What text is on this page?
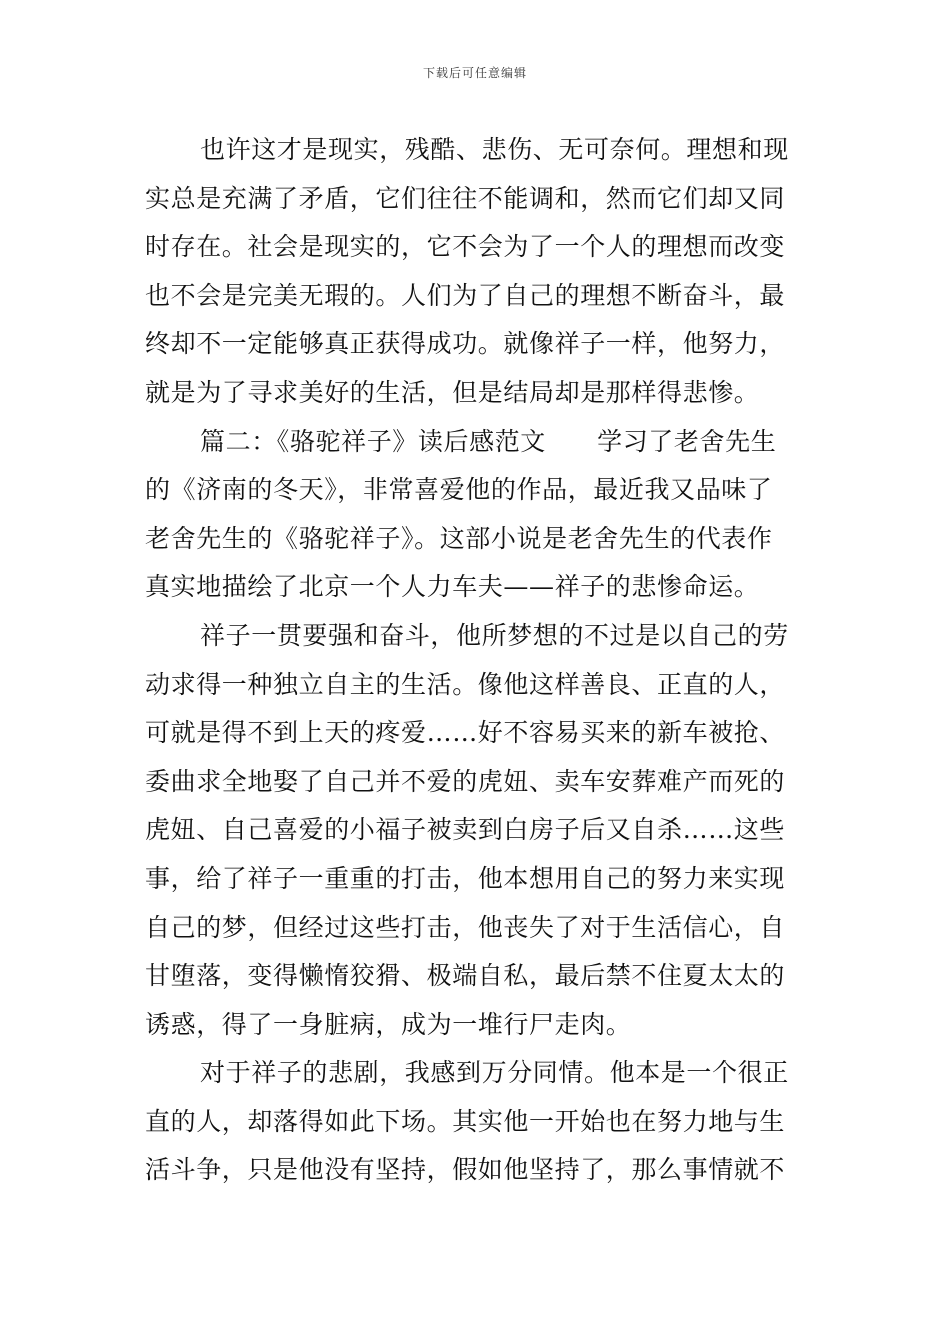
下载后可任意编辑
也许这才是现实，残酷、悲伤、无可奈何。理想和现
实总是充满了矛盾，它们往往不能调和，然而它们却又同
时存在。社会是现实的，它不会为了一个人的理想而改变
也不会是完美无瑕的。人们为了自己的理想不断奋斗，最
终却不一定能够真正获得成功。就像祥子一样，他努力，
就是为了寻求美好的生活，但是结局却是那样得悲惨。
篇二：《骆驼祥子》读后感范文　　学习了老舍先生
的《济南的冬天》，非常喜爱他的作品，最近我又品味了
老舍先生的《骆驼祥子》。这部小说是老舍先生的代表作
真实地描绘了北京一个人力车夫——祥子的悲惨命运。
祥子一贯要强和奋斗，他所梦想的不过是以自己的劳
动求得一种独立自主的生活。像他这样善良、正直的人，
可就是得不到上天的疼爱……好不容易买来的新车被抢、
委曲求全地娶了自己并不爱的虎妞、卖车安葬难产而死的
虎妞、自己喜爱的小福子被卖到白房子后又自杀……这些
事，给了祥子一重重的打击，他本想用自己的努力来实现
自己的梦，但经过这些打击，他丧失了对于生活信心，自
甘堕落，变得懒惰狡猾、极端自私，最后禁不住夏太太的
诱惑，得了一身脏病，成为一堆行尸走肉。
对于祥子的悲剧，我感到万分同情。他本是一个很正
直的人，却落得如此下场。其实他一开始也在努力地与生
活斗争，只是他没有坚持，假如他坚持了，那么事情就不
